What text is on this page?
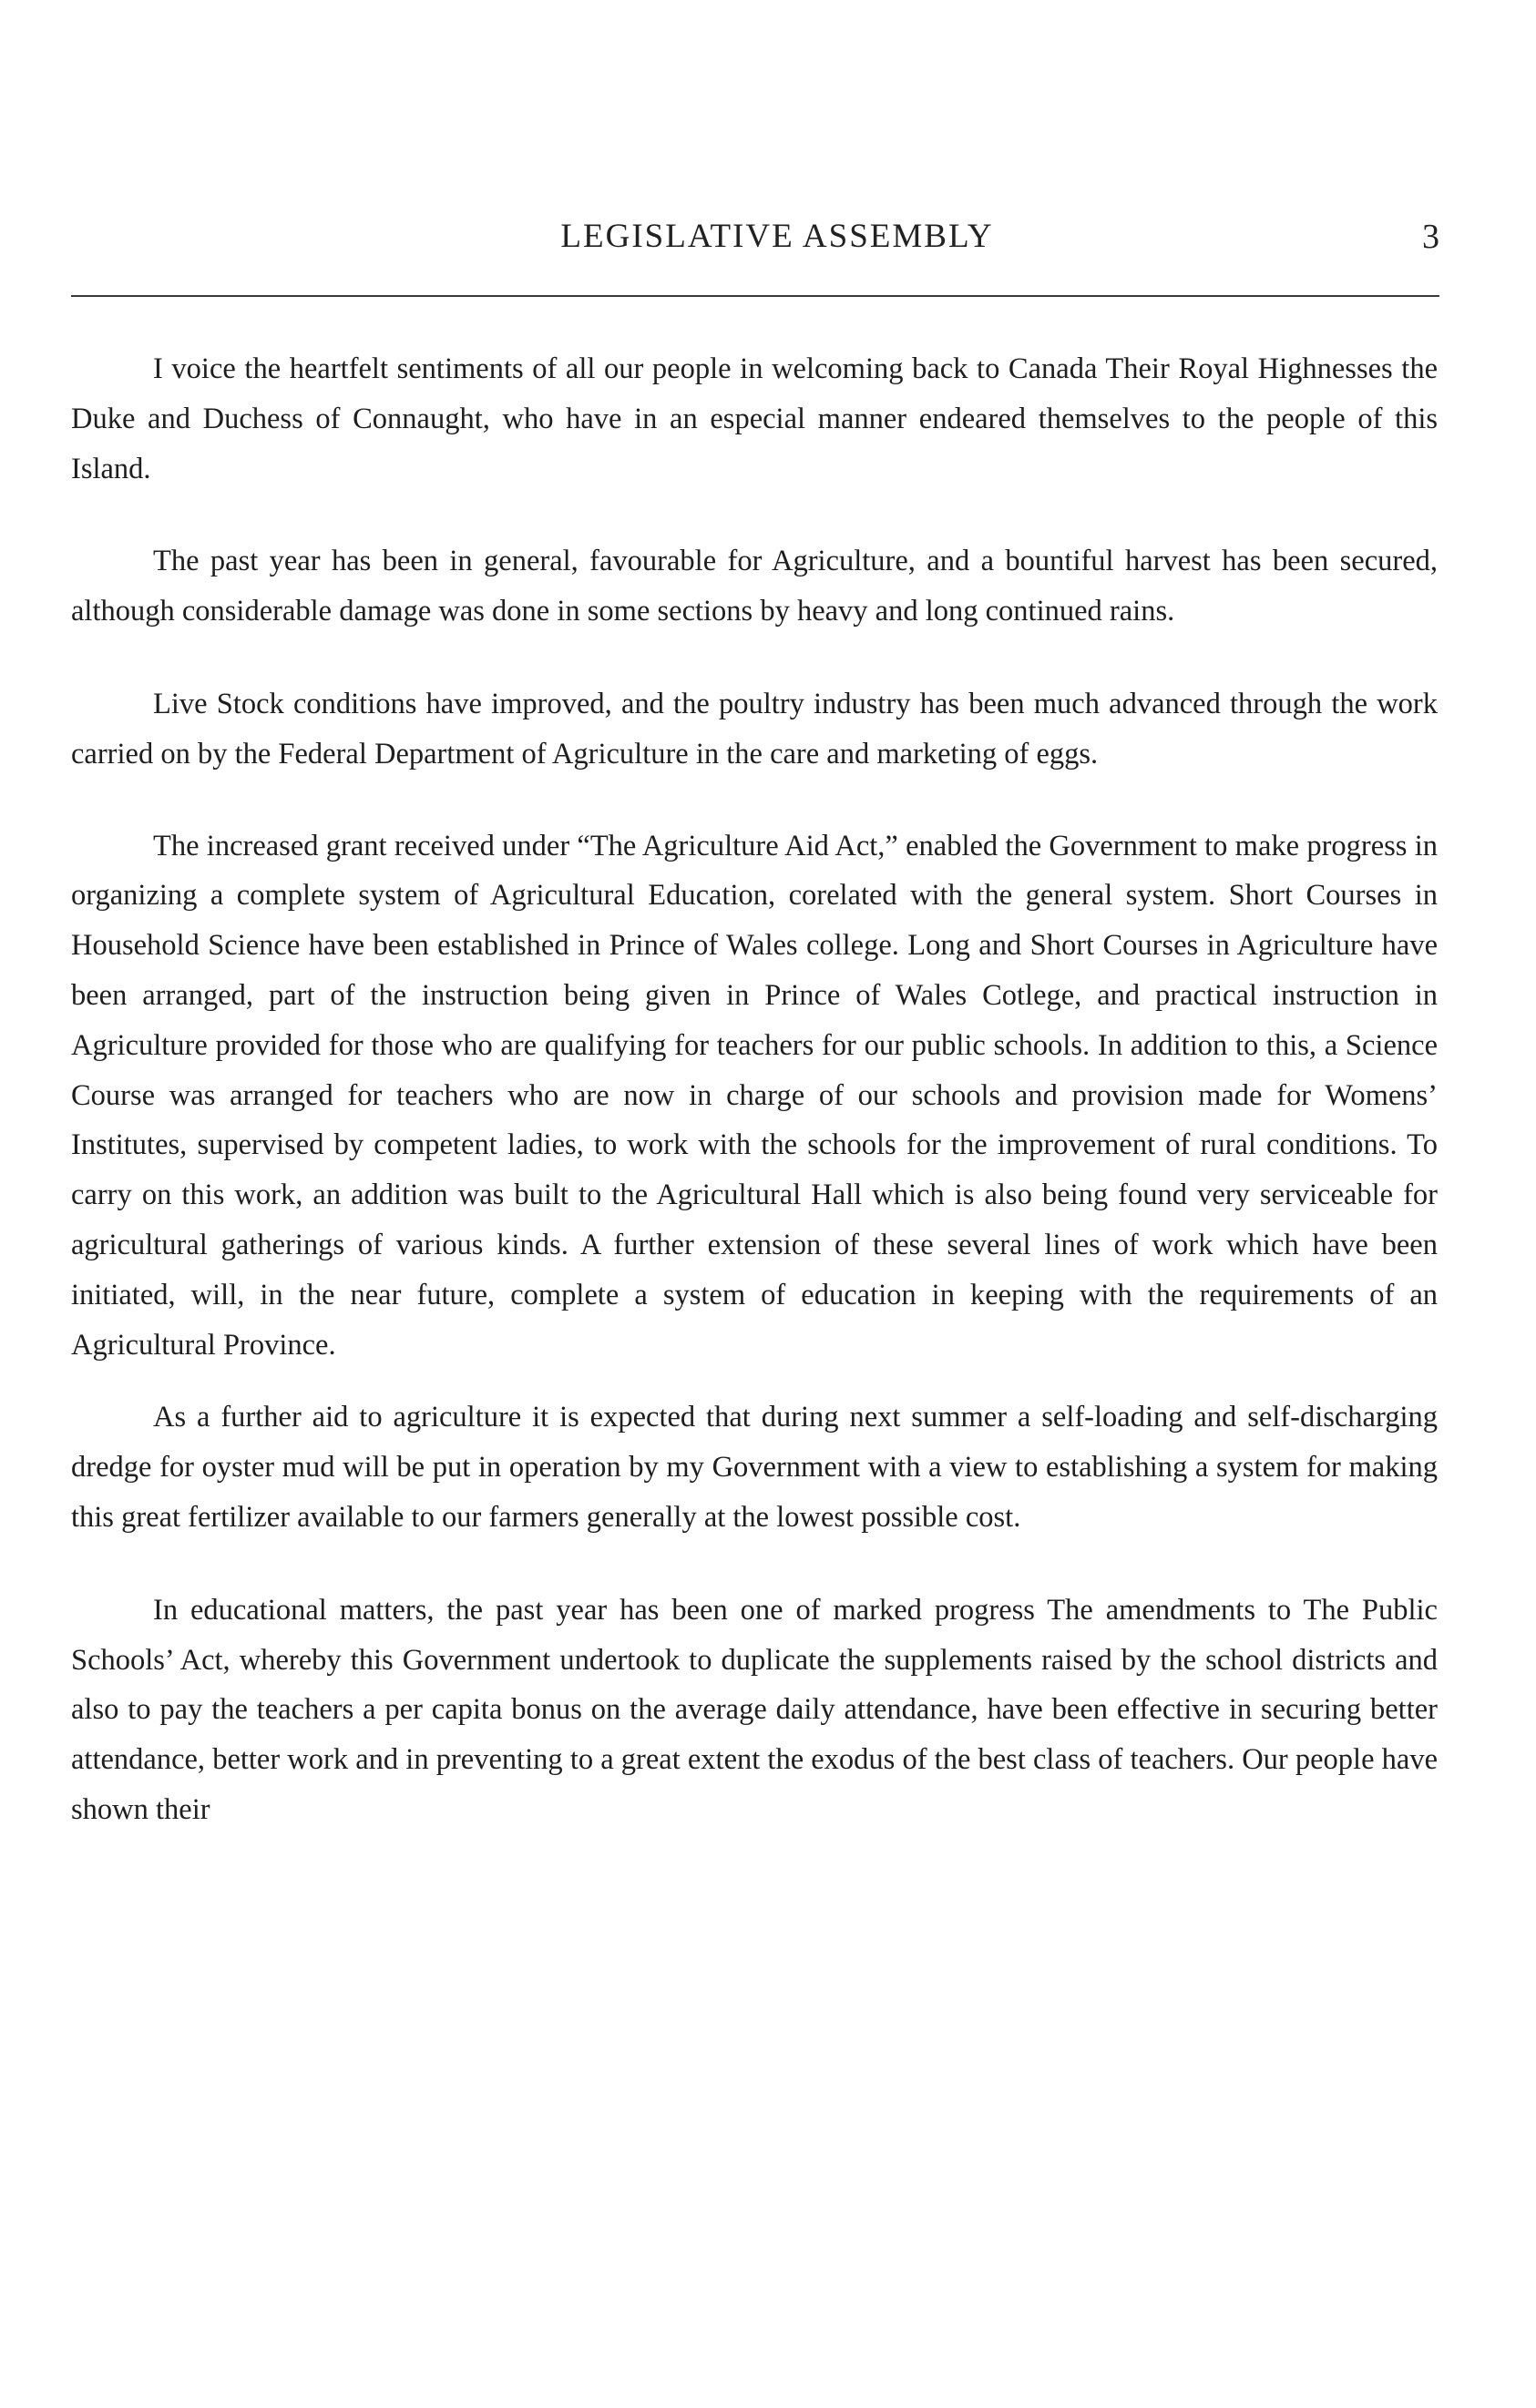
LEGISLATIVE ASSEMBLY	3

I voice the heartfelt sentiments of all our people in welcoming back to Canada Their Royal Highnesses the Duke and Duchess of Connaught, who have in an especial manner endeared themselves to the people of this Island.

The past year has been in general, favourable for Agriculture, and a bountiful harvest has been secured, although considerable damage was done in some sections by heavy and long continued rains.

Live Stock conditions have improved, and the poultry industry has been much advanced through the work carried on by the Federal Department of Agriculture in the care and marketing of eggs.

The increased grant received under “The Agriculture Aid Act,” enabled the Government to make progress in organizing a complete system of Agricultural Education, corelated with the general system. Short Courses in Household Science have been established in Prince of Wales college. Long and Short Courses in Agriculture have been arranged, part of the instruction being given in Prince of Wales Cotlege, and practical instruction in Agriculture provided for those who are qualifying for teachers for our public schools. In addition to this, a Science Course was arranged for teachers who are now in charge of our schools and provision made for Womens’ Institutes, supervised by competent ladies, to work with the schools for the improvement of rural conditions. To carry on this work, an addition was built to the Agricultural Hall which is also being found very serviceable for agricultural gatherings of various kinds. A further extension of these several lines of work which have been initiated, will, in the near future, complete a system of education in keeping with the requirements of an Agricultural Province.

As a further aid to agriculture it is expected that during next summer a self-loading and self-discharging dredge for oyster mud will be put in operation by my Government with a view to establishing a system for making this great fertilizer available to our farmers generally at the lowest possible cost.

In educational matters, the past year has been one of marked progress The amendments to The Public Schools’ Act, whereby this Government undertook to duplicate the supplements raised by the school districts and also to pay the teachers a per capita bonus on the average daily attendance, have been effective in securing better attendance, better work and in preventing to a great extent the exodus of the best class of teachers. Our people have shown their
